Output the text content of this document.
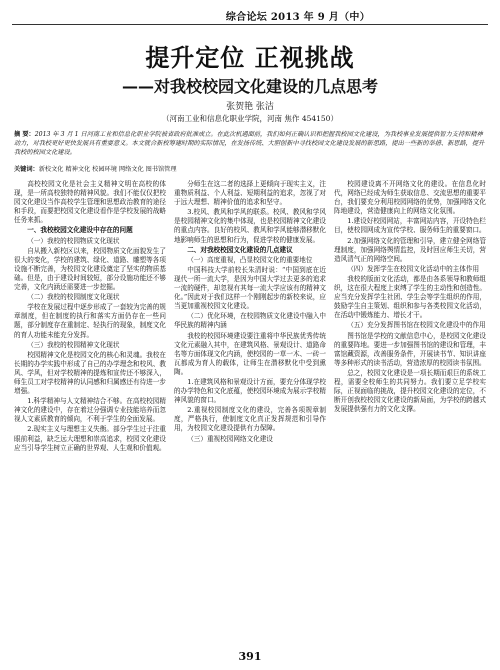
综合论坛 2013 年 9 月（中）
提升定位 正视挑战
——对我校校园文化建设的几点思考
张贺艳 张洁
（河南工业和信息化职业学院，河南 焦作 454150）
摘 要：2013 年 3 月 1 日河南工业和信息化职业学院被省政府批准成立。在此次机遇面前，我们如何正确认识和把握我校园文化建设，为我校事业发展提供智力支持和精神动力，对我校更好更快发展具有重要意义。本文就合新校筹建时期的实际情况，在发扬传统、大胆创新中寻找校园文化建设发展的新思路，提出一些新的举措、新思路，提升我校的校园文化建设。
关键词：新校文化 精神文化 校园环境 网络文化 图书馆管理

高校校园文化是社会主义精神文明在高校的体现，是一所高校独特的精神风貌。我们不能仅仅把校园文化建设当作高校学生管理和思想政治教育的途径和手段，而要把校园文化建设看作是学校发展的战略任务来抓。

一、我校校园文化建设中存在的问题

（一）我校的校园物质文化现状

自从搬入新校区以来，校园物质文化面貌发生了很大的变化，学校的建筑、绿化、道路、雕塑等各项设施不断完善，为校园文化建设奠定了坚实的物质基础。但是，由于建设时间较短，部分设施功能还不够完善，文化内涵还需要进一步挖掘。

（二）我校的校园制度文化现状

学校在发展过程中逐步形成了一套较为完善的规章制度，但在制度的执行和落实方面仍存在一些问题，部分制度存在重制定、轻执行的现象，制度文化的育人功能未能充分发挥。

（三）我校的校园精神文化现状

校园精神文化是校园文化的核心和灵魂。我校在长期的办学实践中形成了自己的办学理念和校风、教风、学风，但对学校精神的提炼和宣传还不够深入，师生员工对学校精神的认同感和归属感还有待进一步增强。

1.科学精神与人文精神结合不够。在高校校园精神文化的建设中，存在着过分强调专业技能培养而忽视人文素质教育的倾向，不利于学生的全面发展。

2.现实主义与理想主义失衡。部分学生过于注重眼前利益，缺乏远大理想和崇高追求，校园文化建设应当引导学生树立正确的世界观、人生观和价值观。

分师生在这二者的选择上更倾向于现实主义，注重物质利益、个人利益、短期利益的追求，忽视了对于远大理想、精神价值的追求和坚守。

3.校风、教风和学风的联系。校风、教风和学风是校园精神文化的集中体现，也是校园精神文化建设的重点内容。良好的校风、教风和学风能够潜移默化地影响师生的思想和行为，促进学校的健康发展。

二、对我校校园文化建设的几点建议

（一）高度重视，凸显校园文化的重要地位

中国科技大学前校长朱清时说：“中国到底在近现代一所一流大学，是因为中国大学过去更多的追求一流的硬件，却忽视有其每一流大学应该有的精神文化。”因此对于我们这样一个刚刚起步的新校来说，应当更加重视校园文化建设。

（二）优化环境，在校园物质文化建设中融入中华民族的精神内涵

我校的校园环境建设要注重将中华民族优秀传统文化元素融入其中，在建筑风格、景观设计、道路命名等方面体现文化内涵，使校园的一草一木、一砖一瓦都成为育人的载体，让师生在潜移默化中受到熏陶。

1.在建筑风格和景观设计方面，要充分体现学校的办学特色和文化底蕴，使校园环境成为展示学校精神风貌的窗口。

2.重视校园制度文化的建设，完善各项规章制度，严格执行，使制度文化真正发挥规范和引导作用，为校园文化建设提供有力保障。

（三）重视校园网络文化建设

校园建设离不开网络文化的建设。在信息化时代，网络已经成为师生获取信息、交流思想的重要平台，我们要充分利用校园网络的优势，加强网络文化阵地建设，营造健康向上的网络文化氛围。

1.建设好校园网站，丰富网站内容，开设特色栏目，使校园网成为宣传学校、服务师生的重要窗口。

2.加强网络文化的管理和引导，建立健全网络管理制度，加强网络舆情监控，及时回应师生关切，营造风清气正的网络空间。

（四）发挥学生在校园文化活动中的主体作用

我校的版面文化活动，都是由各系领导和教师组织，这在很大程度上束缚了学生的主动性和创造性。应当充分发挥学生社团、学生会等学生组织的作用，鼓励学生自主策划、组织和参与各类校园文化活动，在活动中锻炼能力、增长才干。

（五）充分发挥图书馆在校园文化建设中的作用

图书馆是学校的文献信息中心，是校园文化建设的重要阵地。要进一步加强图书馆的建设和管理，丰富馆藏资源，改善服务条件，开展读书节、知识讲座等多种形式的读书活动，营造浓厚的校园读书氛围。

总之，校园文化建设是一项长期而艰巨的系统工程，需要全校师生的共同努力。我们要立足学校实际，正视面临的挑战，提升校园文化建设的定位，不断开创我校校园文化建设的新局面，为学校的跨越式发展提供强有力的文化支撑。

391
